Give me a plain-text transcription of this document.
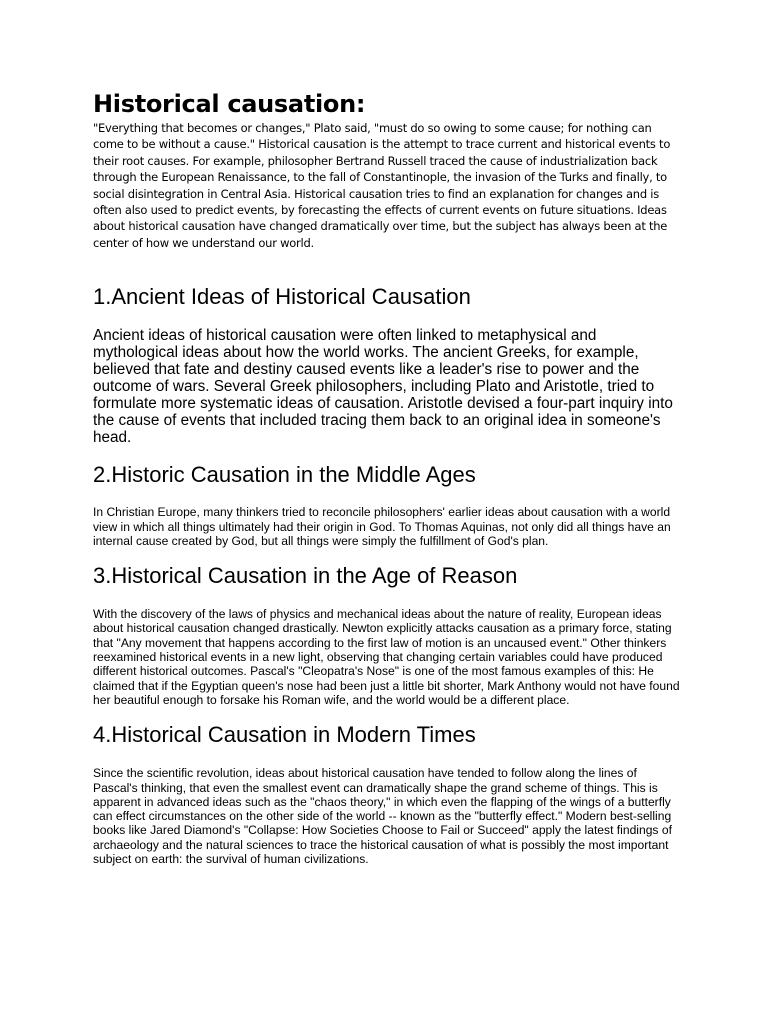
Historical causation:

"Everything that becomes or changes," Plato said, "must do so owing to some cause; for nothing can come to be without a cause." Historical causation is the attempt to trace current and historical events to their root causes. For example, philosopher Bertrand Russell traced the cause of industrialization back through the European Renaissance, to the fall of Constantinople, the invasion of the Turks and finally, to social disintegration in Central Asia. Historical causation tries to find an explanation for changes and is often also used to predict events, by forecasting the effects of current events on future situations. Ideas about historical causation have changed dramatically over time, but the subject has always been at the center of how we understand our world.

1.Ancient Ideas of Historical Causation

Ancient ideas of historical causation were often linked to metaphysical and mythological ideas about how the world works. The ancient Greeks, for example, believed that fate and destiny caused events like a leader's rise to power and the outcome of wars. Several Greek philosophers, including Plato and Aristotle, tried to formulate more systematic ideas of causation. Aristotle devised a four-part inquiry into the cause of events that included tracing them back to an original idea in someone's head.

2.Historic Causation in the Middle Ages

In Christian Europe, many thinkers tried to reconcile philosophers' earlier ideas about causation with a world view in which all things ultimately had their origin in God. To Thomas Aquinas, not only did all things have an internal cause created by God, but all things were simply the fulfillment of God's plan.

3.Historical Causation in the Age of Reason

With the discovery of the laws of physics and mechanical ideas about the nature of reality, European ideas about historical causation changed drastically. Newton explicitly attacks causation as a primary force, stating that "Any movement that happens according to the first law of motion is an uncaused event." Other thinkers reexamined historical events in a new light, observing that changing certain variables could have produced different historical outcomes. Pascal's "Cleopatra's Nose" is one of the most famous examples of this: He claimed that if the Egyptian queen's nose had been just a little bit shorter, Mark Anthony would not have found her beautiful enough to forsake his Roman wife, and the world would be a different place.

4.Historical Causation in Modern Times

Since the scientific revolution, ideas about historical causation have tended to follow along the lines of Pascal's thinking, that even the smallest event can dramatically shape the grand scheme of things. This is apparent in advanced ideas such as the "chaos theory," in which even the flapping of the wings of a butterfly can effect circumstances on the other side of the world -- known as the "butterfly effect." Modern best-selling books like Jared Diamond's "Collapse: How Societies Choose to Fail or Succeed" apply the latest findings of archaeology and the natural sciences to trace the historical causation of what is possibly the most important subject on earth: the survival of human civilizations.
